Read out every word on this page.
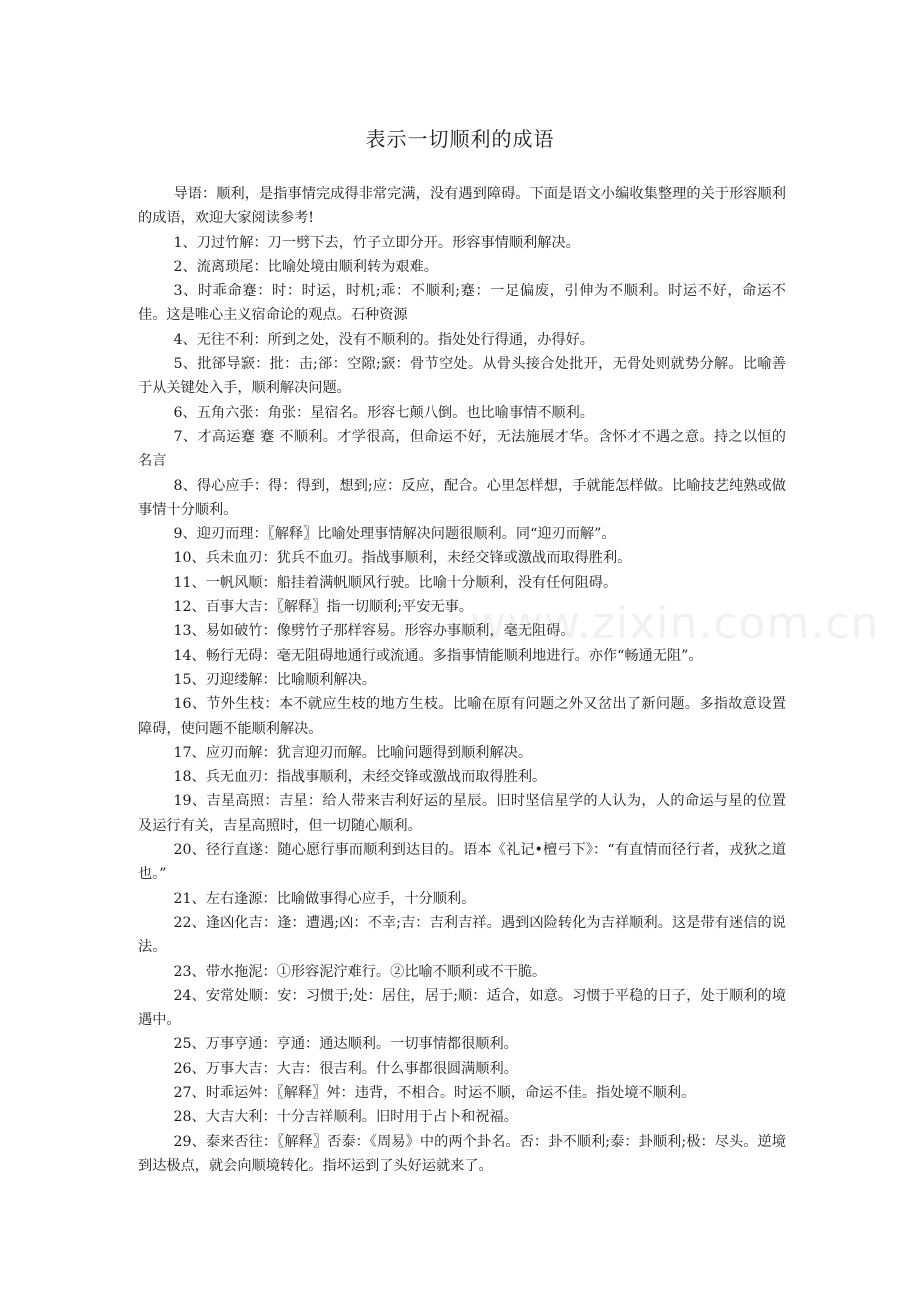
表示一切顺利的成语

导语：顺利，是指事情完成得非常完满，没有遇到障碍。下面是语文小编收集整理的关于形容顺利的成语，欢迎大家阅读参考!

1、刀过竹解：刀一劈下去，竹子立即分开。形容事情顺利解决。

2、流离琐尾：比喻处境由顺利转为艰难。

3、时乖命蹇：时：时运，时机;乖：不顺利;蹇：一足偏废，引伸为不顺利。时运不好，命运不佳。这是唯心主义宿命论的观点。石种资源

4、无往不利：所到之处，没有不顺利的。指处处行得通，办得好。

5、批郤导窾：批：击;郤：空隙;窾：骨节空处。从骨头接合处批开，无骨处则就势分解。比喻善于从关键处入手，顺利解决问题。

6、五角六张：角张：星宿名。形容七颠八倒。也比喻事情不顺利。

7、才高运蹇 蹇 不顺利。才学很高，但命运不好，无法施展才华。含怀才不遇之意。持之以恒的名言

8、得心应手：得：得到，想到;应：反应，配合。心里怎样想，手就能怎样做。比喻技艺纯熟或做事情十分顺利。

9、迎刃而理：〖解释〗比喻处理事情解决问题很顺利。同“迎刃而解”。

10、兵未血刃：犹兵不血刃。指战事顺利，未经交锋或激战而取得胜利。

11、一帆风顺：船挂着满帆顺风行驶。比喻十分顺利，没有任何阻碍。

12、百事大吉：〖解释〗指一切顺利;平安无事。

13、易如破竹：像劈竹子那样容易。形容办事顺利，毫无阻碍。

14、畅行无碍：毫无阻碍地通行或流通。多指事情能顺利地进行。亦作“畅通无阻”。

15、刃迎缕解：比喻顺利解决。

16、节外生枝：本不就应生枝的地方生枝。比喻在原有问题之外又岔出了新问题。多指故意设置障碍，使问题不能顺利解决。

17、应刃而解：犹言迎刃而解。比喻问题得到顺利解决。

18、兵无血刃：指战事顺利，未经交锋或激战而取得胜利。

19、吉星高照：吉星：给人带来吉利好运的星辰。旧时坚信星学的人认为，人的命运与星的位置及运行有关，吉星高照时，但一切随心顺利。

20、径行直遂：随心愿行事而顺利到达目的。语本《礼记•檀弓下》：“有直情而径行者，戎狄之道也。”

21、左右逢源：比喻做事得心应手，十分顺利。

22、逢凶化吉：逢：遭遇;凶：不幸;吉：吉利吉祥。遇到凶险转化为吉祥顺利。这是带有迷信的说法。

23、带水拖泥：①形容泥泞难行。②比喻不顺利或不干脆。

24、安常处顺：安：习惯于;处：居住，居于;顺：适合，如意。习惯于平稳的日子，处于顺利的境遇中。

25、万事亨通：亨通：通达顺利。一切事情都很顺利。

26、万事大吉：大吉：很吉利。什么事都很圆满顺利。

27、时乖运舛：〖解释〗舛：违背，不相合。时运不顺，命运不佳。指处境不顺利。

28、大吉大利：十分吉祥顺利。旧时用于占卜和祝福。

29、泰来否往：〖解释〗否泰：《周易》中的两个卦名。否：卦不顺利;泰：卦顺利;极：尽头。逆境到达极点，就会向顺境转化。指坏运到了头好运就来了。

www.zixin.com.cn
